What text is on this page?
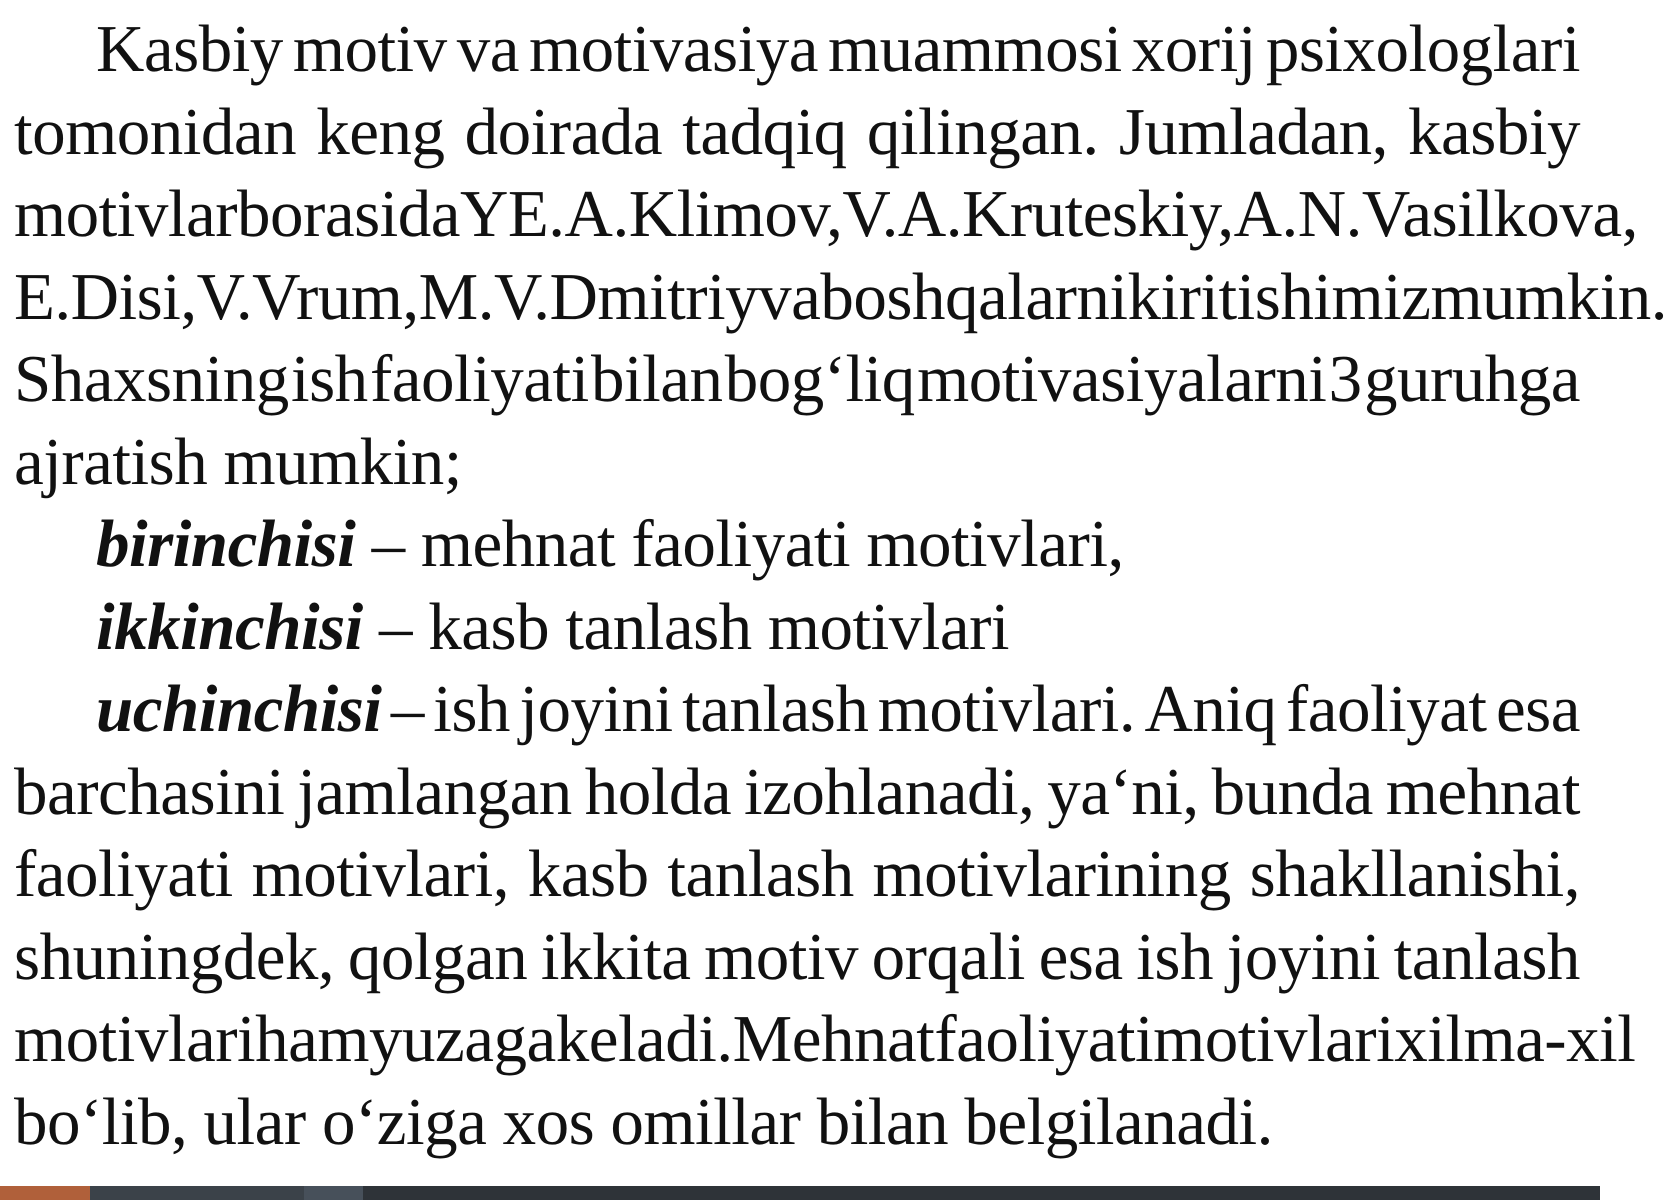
Kasbiy motiv va motivasiya muammosi xorij psixologlari
tomonidan keng doirada tadqiq qilingan. Jumladan, kasbiy
motivlar borasida YE.A.Klimov, V.A.Kruteskiy, A.N.Vasilkova,
E.Disi, V.Vrum, M.V.Dmitriy va boshqalarni kiritishimiz mumkin.
Shaxsning ish faoliyati bilan bog‘liq motivasiyalarni 3 guruhga
ajratish mumkin;
birinchisi – mehnat faoliyati motivlari,
ikkinchisi – kasb tanlash motivlari
uchinchisi – ish joyini tanlash motivlari. Aniq faoliyat esa
barchasini jamlangan holda izohlanadi, ya‘ni, bunda mehnat
faoliyati motivlari, kasb tanlash motivlarining shakllanishi,
shuningdek, qolgan ikkita motiv orqali esa ish joyini tanlash
motivlari ham yuzaga keladi. Mehnat faoliyati motivlari xilma-xil
bo‘lib, ular o‘ziga xos omillar bilan belgilanadi.
